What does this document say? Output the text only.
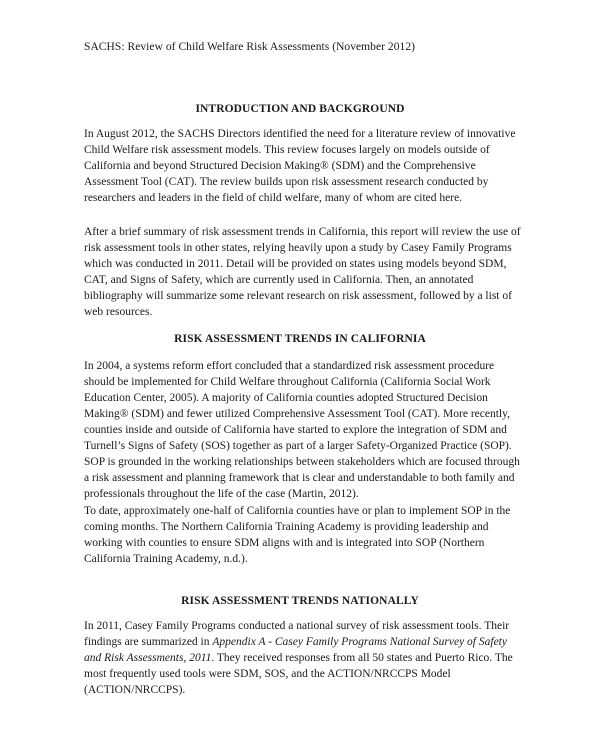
SACHS: Review of Child Welfare Risk Assessments (November 2012)
INTRODUCTION AND BACKGROUND

In August 2012, the SACHS Directors identified the need for a literature review of innovative Child Welfare risk assessment models. This review focuses largely on models outside of California and beyond Structured Decision Making® (SDM) and the Comprehensive Assessment Tool (CAT). The review builds upon risk assessment research conducted by researchers and leaders in the field of child welfare, many of whom are cited here.

After a brief summary of risk assessment trends in California, this report will review the use of risk assessment tools in other states, relying heavily upon a study by Casey Family Programs which was conducted in 2011. Detail will be provided on states using models beyond SDM, CAT, and Signs of Safety, which are currently used in California. Then, an annotated bibliography will summarize some relevant research on risk assessment, followed by a list of web resources.

RISK ASSESSMENT TRENDS IN CALIFORNIA

In 2004, a systems reform effort concluded that a standardized risk assessment procedure should be implemented for Child Welfare throughout California (California Social Work Education Center, 2005). A majority of California counties adopted Structured Decision Making® (SDM) and fewer utilized Comprehensive Assessment Tool (CAT). More recently, counties inside and outside of California have started to explore the integration of SDM and Turnell’s Signs of Safety (SOS) together as part of a larger Safety-Organized Practice (SOP). SOP is grounded in the working relationships between stakeholders which are focused through a risk assessment and planning framework that is clear and understandable to both family and professionals throughout the life of the case (Martin, 2012).

To date, approximately one-half of California counties have or plan to implement SOP in the coming months. The Northern California Training Academy is providing leadership and working with counties to ensure SDM aligns with and is integrated into SOP (Northern California Training Academy, n.d.).

RISK ASSESSMENT TRENDS NATIONALLY

In 2011, Casey Family Programs conducted a national survey of risk assessment tools. Their findings are summarized in Appendix A - Casey Family Programs National Survey of Safety and Risk Assessments, 2011. They received responses from all 50 states and Puerto Rico. The most frequently used tools were SDM, SOS, and the ACTION/NRCCPS Model (ACTION/NRCCPS).
